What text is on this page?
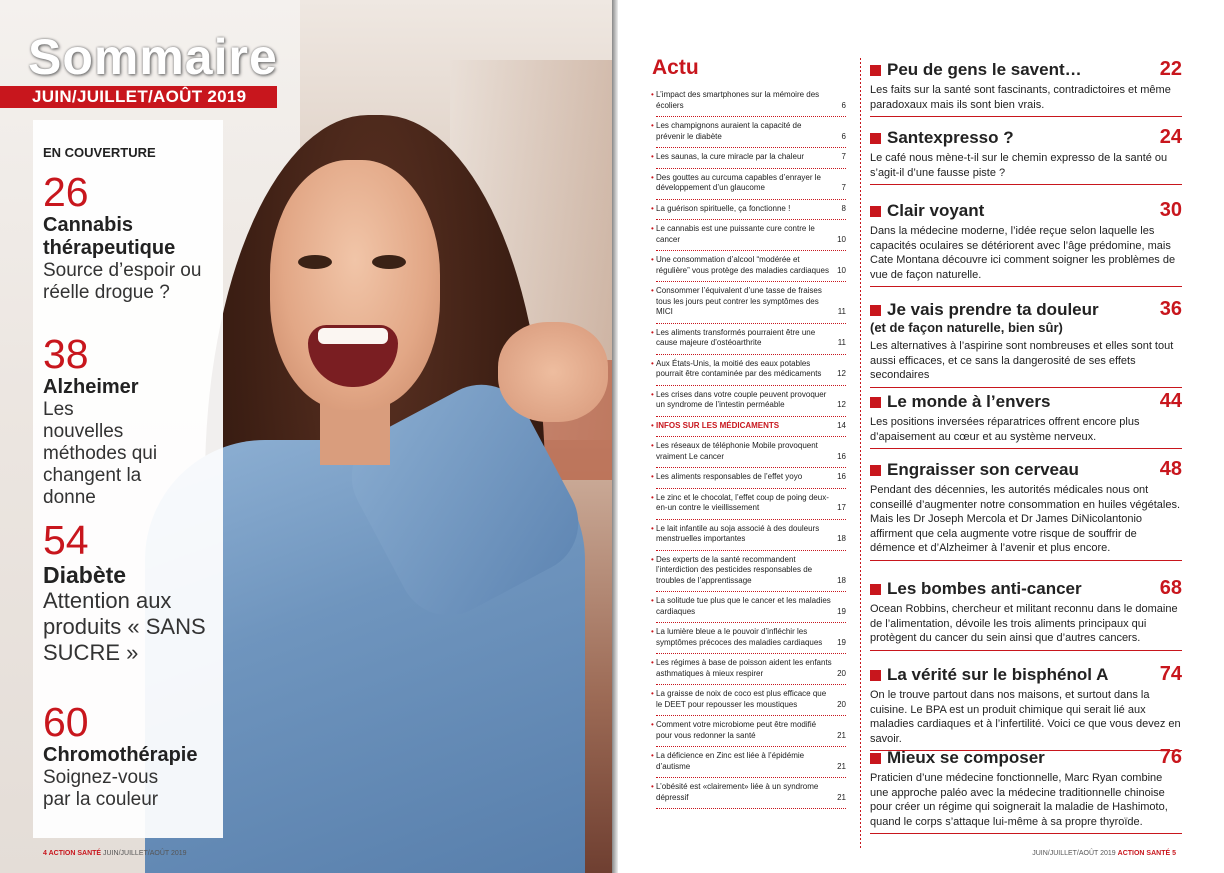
Sommaire
JUIN/JUILLET/AOÛT 2019
EN COUVERTURE
26
Cannabis thérapeutique
Source d’espoir ou réelle drogue ?
38
Alzheimer
Les nouvelles méthodes qui changent la donne
54
Diabète
Attention aux produits « SANS SUCRE »
60
Chromothérapie
Soignez-vous par la couleur
4 ACTION SANTÉ JUIN/JUILLET/AOÛT 2019
Actu
• L’impact des smartphones sur la mémoire des écoliers	6
• Les champignons auraient la capacité de prévenir le diabète	6
• Les saunas, la cure miracle par la chaleur	7
• Des gouttes au curcuma capables d’enrayer le développement d’un glaucome	7
• La guérison spirituelle, ça fonctionne !	8
• Le cannabis est une puissante cure contre le cancer	10
• Une consommation d’alcool “modérée et régulière” vous protège des maladies cardiaques	10
• Consommer l’équivalent d’une tasse de fraises tous les jours peut contrer les symptômes des MICI	11
• Les aliments transformés pourraient être une cause majeure d’ostéoarthrite	11
• Aux États-Unis, la moitié des eaux potables pourrait être contaminée par des médicaments	12
• Les crises dans votre couple peuvent provoquer un syndrome de l’intestin perméable	12
• INFOS SUR LES MÉDICAMENTS	14
• Les réseaux de téléphonie Mobile provoquent vraiment Le cancer	16
• Les aliments responsables de l’effet yoyo	16
• Le zinc et le chocolat, l’effet coup de poing deux-en-un contre le vieillissement	17
• Le lait infantile au soja associé à des douleurs menstruelles importantes	18
• Des experts de la santé recommandent l’interdiction des pesticides responsables de troubles de l’apprentissage	18
• La solitude tue plus que le cancer et les maladies cardiaques	19
• La lumière bleue a le pouvoir d’infléchir les symptômes précoces des maladies cardiaques	19
• Les régimes à base de poisson aident les enfants asthmatiques à mieux respirer	20
• La graisse de noix de coco est plus efficace que le DEET pour repousser les moustiques	20
• Comment votre microbiome peut être modifié pour vous redonner la santé	21
• La déficience en Zinc est liée à l’épidémie d’autisme	21
• L’obésité est «clairement» liée à un syndrome dépressif	21
Peu de gens le savent…	22
Les faits sur la santé sont fascinants, contradictoires et même paradoxaux mais ils sont bien vrais.
Santexpresso ?	24
Le café nous mène-t-il sur le chemin expresso de la santé ou s’agit-il d’une fausse piste ?
Clair voyant	30
Dans la médecine moderne, l’idée reçue selon laquelle les capacités oculaires se détériorent avec l’âge prédomine, mais Cate Montana découvre ici comment soigner les problèmes de vue de façon naturelle.
Je vais prendre ta douleur	36
(et de façon naturelle, bien sûr)
Les alternatives à l’aspirine sont nombreuses et elles sont tout aussi efficaces, et ce sans la dangerosité de ses effets secondaires
Le monde à l’envers	44
Les positions inversées réparatrices offrent encore plus d’apaisement au cœur et au système nerveux.
Engraisser son cerveau	48
Pendant des décennies, les autorités médicales nous ont conseillé d’augmenter notre consommation en huiles végétales. Mais les Dr Joseph Mercola et Dr James DiNicolantonio affirment que cela augmente votre risque de souffrir de démence et d’Alzheimer à l’avenir et plus encore.
Les bombes anti-cancer	68
Ocean Robbins, chercheur et militant reconnu dans le domaine de l’alimentation, dévoile les trois aliments principaux qui protègent du cancer du sein ainsi que d’autres cancers.
La vérité sur le bisphénol A	74
On le trouve partout dans nos maisons, et surtout dans la cuisine. Le BPA est un produit chimique qui serait lié aux maladies cardiaques et à l’infertilité. Voici ce que vous devez en savoir.
Mieux se composer	76
Praticien d’une médecine fonctionnelle, Marc Ryan combine une approche paléo avec la médecine traditionnelle chinoise pour créer un régime qui soignerait la maladie de Hashimoto, quand le corps s’attaque lui-même à sa propre thyroïde.
JUIN/JUILLET/AOÛT 2019 ACTION SANTÉ 5
